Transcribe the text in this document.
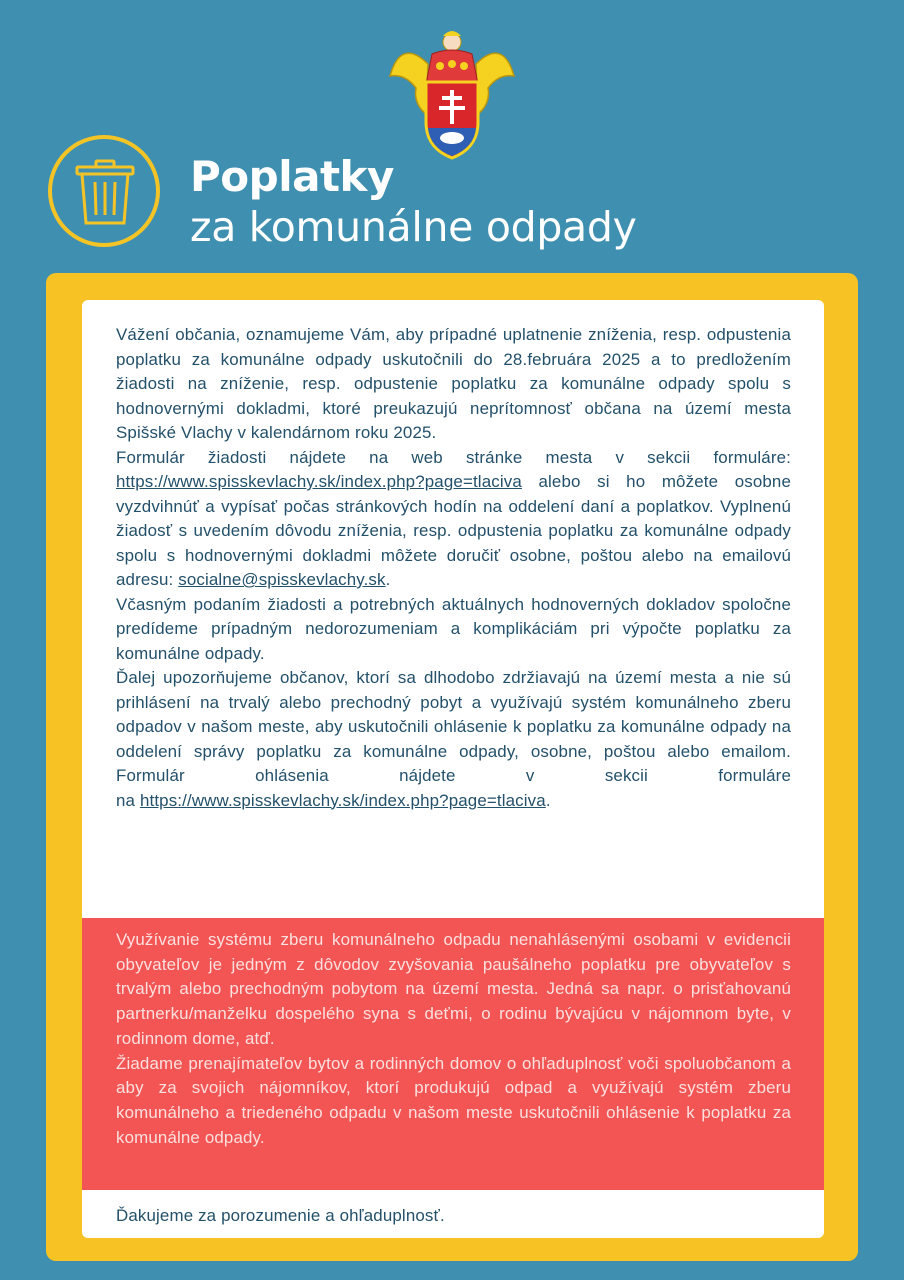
Poplatky
za komunálne odpady

Vážení občania, oznamujeme Vám, aby prípadné uplatnenie zníženia, resp. odpustenia poplatku za komunálne odpady uskutočnili do 28.februára 2025 a to predložením žiadosti na zníženie, resp. odpustenie poplatku za komunálne odpady spolu s hodnovernými dokladmi, ktoré preukazujú neprítomnosť občana na území mesta Spišské Vlachy v kalendárnom roku 2025.

Formulár žiadosti nájdete na web stránke mesta v sekcii formuláre: https://www.spisskevlachy.sk/index.php?page=tlaciva alebo si ho môžete osobne vyzdvihnúť a vypísať počas stránkových hodín na oddelení daní a poplatkov. Vyplnenú žiadosť s uvedením dôvodu zníženia, resp. odpustenia poplatku za komunálne odpady spolu s hodnovernými dokladmi môžete doručiť osobne, poštou alebo na emailovú adresu: socialne@spisskevlachy.sk.

Včasným podaním žiadosti a potrebných aktuálnych hodnoverných dokladov spoločne predídeme prípadným nedorozumeniam a komplikáciám pri výpočte poplatku za komunálne odpady.

Ďalej upozorňujeme občanov, ktorí sa dlhodobo zdržiavajú na území mesta a nie sú prihlásení na trvalý alebo prechodný pobyt a využívajú systém komunálneho zberu odpadov v našom meste, aby uskutočnili ohlásenie k poplatku za komunálne odpady na oddelení správy poplatku za komunálne odpady, osobne, poštou alebo emailom. Formulár ohlásenia nájdete v sekcii formuláre
na https://www.spisskevlachy.sk/index.php?page=tlaciva.

Využívanie systému zberu komunálneho odpadu nenahlásenými osobami v evidencii obyvateľov je jedným z dôvodov zvyšovania paušálneho poplatku pre obyvateľov s trvalým alebo prechodným pobytom na území mesta. Jedná sa napr. o prisťahovanú partnerku/manželku dospelého syna s deťmi, o rodinu bývajúcu v nájomnom byte, v rodinnom dome, atď.

Žiadame prenajímateľov bytov a rodinných domov o ohľaduplnosť voči spoluobčanom a aby za svojich nájomníkov, ktorí produkujú odpad a využívajú systém zberu komunálneho a triedeného odpadu v našom meste uskutočnili ohlásenie k poplatku za komunálne odpady.

Ďakujeme za porozumenie a ohľaduplnosť.
